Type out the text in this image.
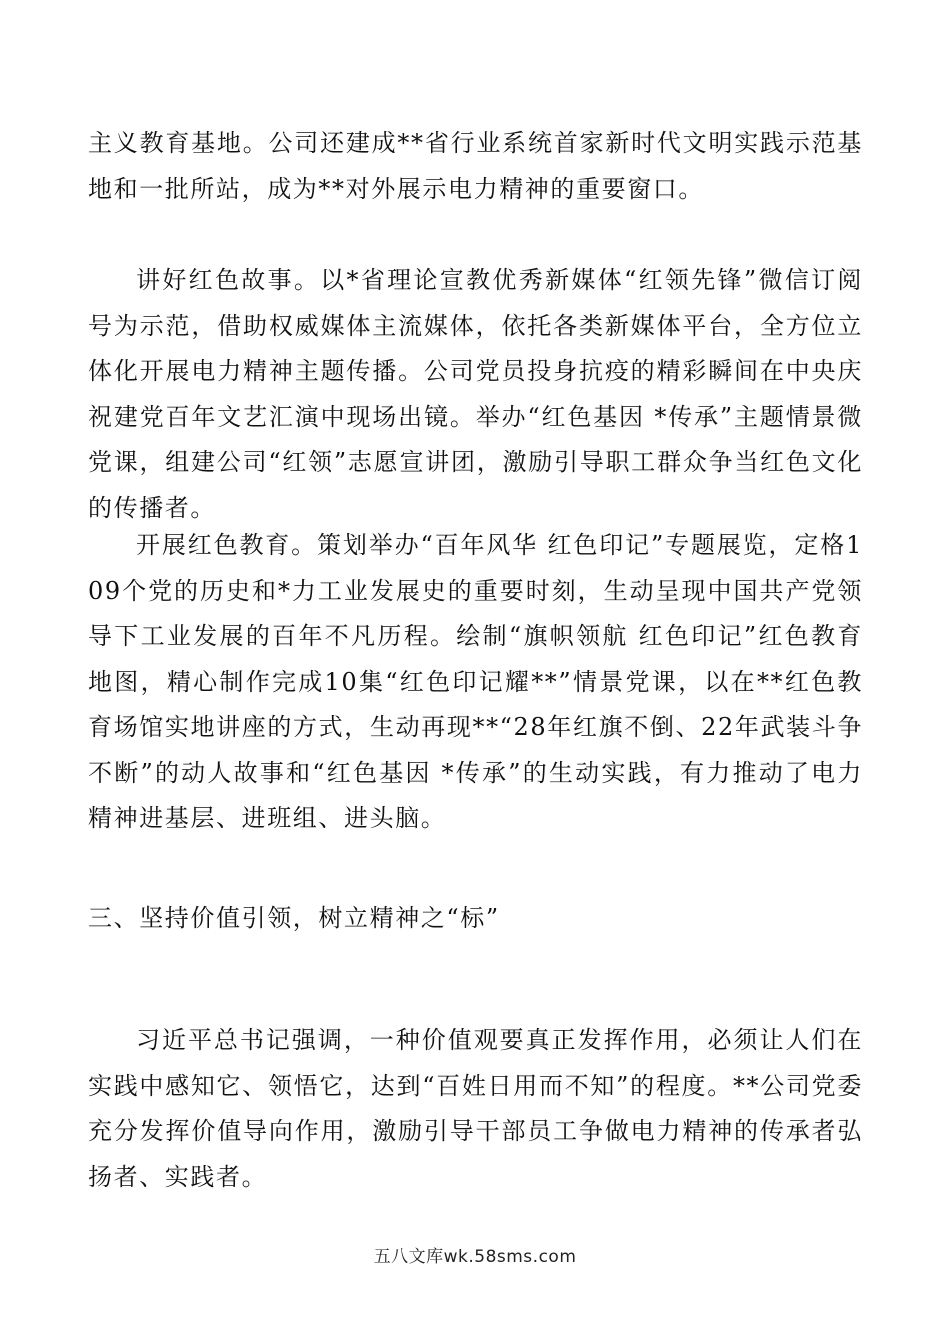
主义教育基地。公司还建成**省行业系统首家新时代文明实践示范基地和一批所站，成为**对外展示电力精神的重要窗口。

讲好红色故事。以*省理论宣教优秀新媒体“红领先锋”微信订阅号为示范，借助权威媒体主流媒体，依托各类新媒体平台，全方位立体化开展电力精神主题传播。公司党员投身抗疫的精彩瞬间在中央庆祝建党百年文艺汇演中现场出镜。举办“红色基因 *传承”主题情景微党课，组建公司“红领”志愿宣讲团，激励引导职工群众争当红色文化的传播者。

开展红色教育。策划举办“百年风华 红色印记”专题展览，定格109个党的历史和*力工业发展史的重要时刻，生动呈现中国共产党领导下工业发展的百年不凡历程。绘制“旗帜领航 红色印记”红色教育地图，精心制作完成10集“红色印记耀**”情景党课，以在**红色教育场馆实地讲座的方式，生动再现**“28年红旗不倒、22年武装斗争不断”的动人故事和“红色基因 *传承”的生动实践，有力推动了电力精神进基层、进班组、进头脑。

三、坚持价值引领，树立精神之“标”

习近平总书记强调，一种价值观要真正发挥作用，必须让人们在实践中感知它、领悟它，达到“百姓日用而不知”的程度。**公司党委充分发挥价值导向作用，激励引导干部员工争做电力精神的传承者弘扬者、实践者。

五八文库wk.58sms.com
